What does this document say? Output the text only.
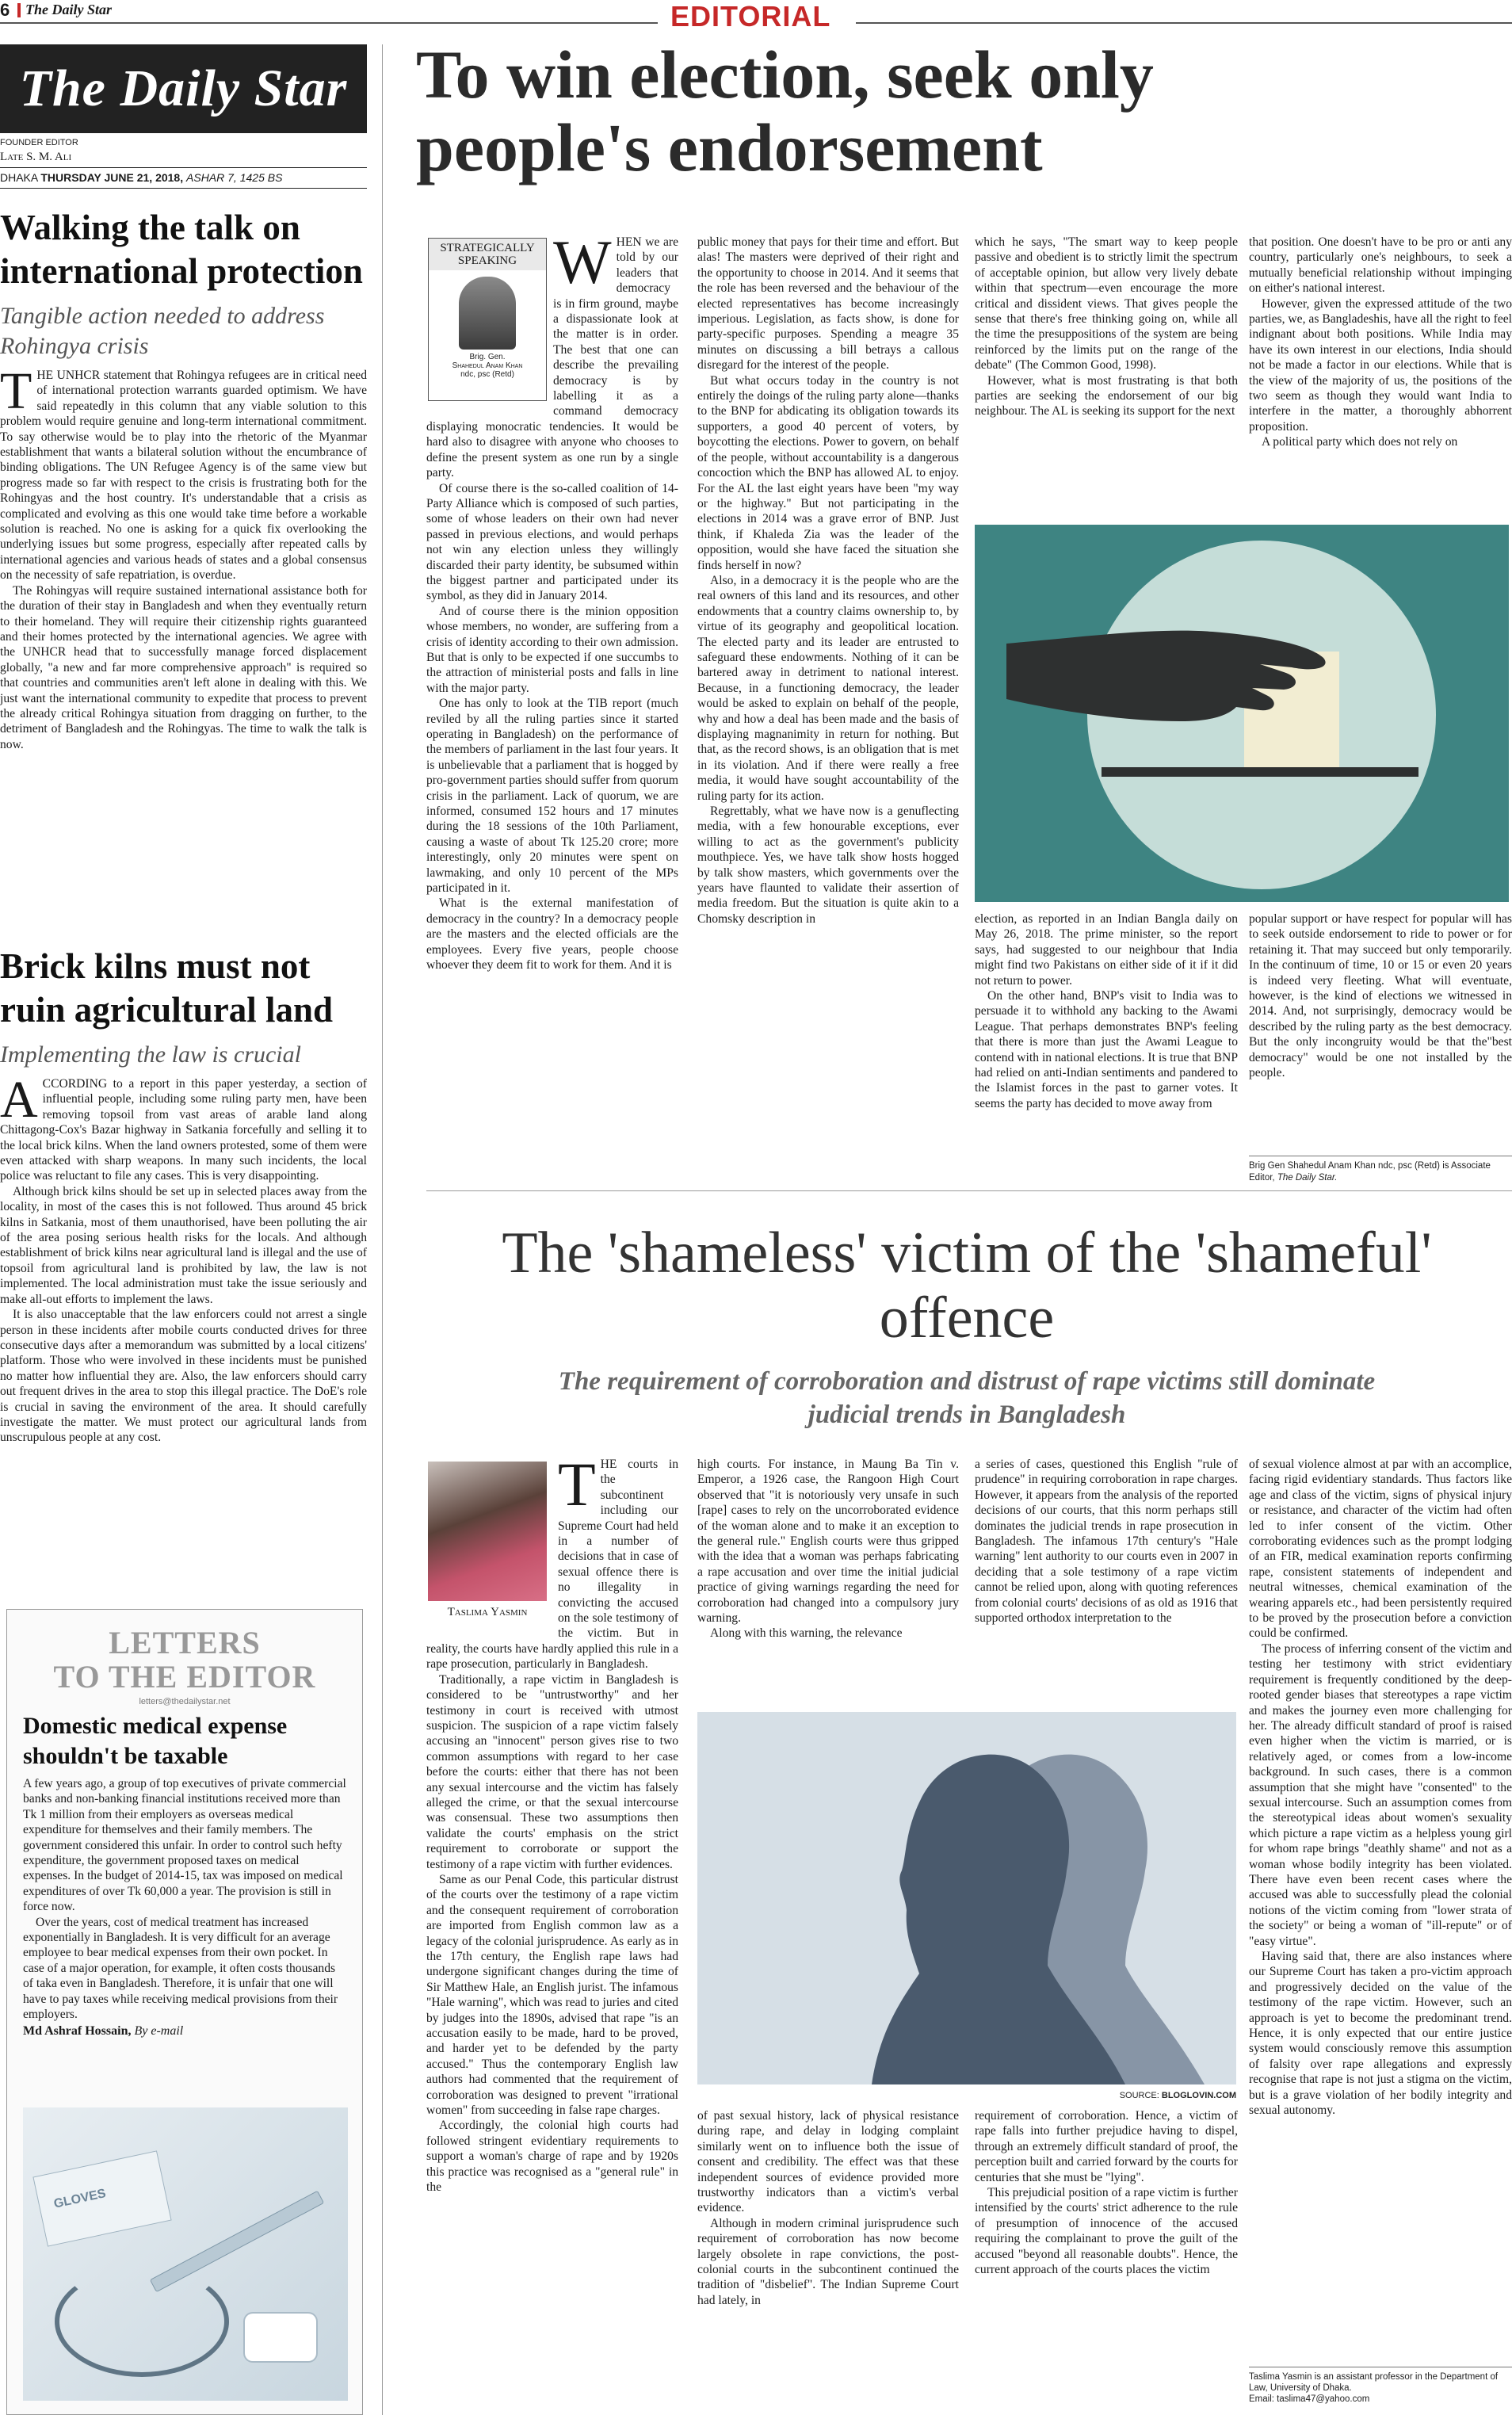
6	The Daily Star	EDITORIAL
The Daily Star
FOUNDER EDITOR
Late S. M. Ali
DHAKA THURSDAY JUNE 21, 2018, ASHAR 7, 1425 BS
Walking the talk on international protection
Tangible action needed to address Rohingya crisis

THE UNHCR statement that Rohingya refugees are in critical need of international protection warrants guarded optimism. We have said repeatedly in this column that any viable solution to this problem would require genuine and long-term international commitment. To say otherwise would be to play into the rhetoric of the Myanmar establishment that wants a bilateral solution without the encumbrance of binding obligations. The UN Refugee Agency is of the same view but progress made so far with respect to the crisis is frustrating both for the Rohingyas and the host country. It's understandable that a crisis as complicated and evolving as this one would take time before a workable solution is reached. No one is asking for a quick fix overlooking the underlying issues but some progress, especially after repeated calls by international agencies and various heads of states and a global consensus on the necessity of safe repatriation, is overdue.

The Rohingyas will require sustained international assistance both for the duration of their stay in Bangladesh and when they eventually return to their homeland. They will require their citizenship rights guaranteed and their homes protected by the international agencies. We agree with the UNHCR head that to successfully manage forced displacement globally, "a new and far more comprehensive approach" is required so that countries and communities aren't left alone in dealing with this. We just want the international community to expedite that process to prevent the already critical Rohingya situation from dragging on further, to the detriment of Bangladesh and the Rohingyas. The time to walk the talk is now.

Brick kilns must not ruin agricultural land
Implementing the law is crucial

ACCORDING to a report in this paper yesterday, a section of influential people, including some ruling party men, have been removing topsoil from vast areas of arable land along Chittagong-Cox's Bazar highway in Satkania forcefully and selling it to the local brick kilns. When the land owners protested, some of them were even attacked with sharp weapons. In many such incidents, the local police was reluctant to file any cases. This is very disappointing.

Although brick kilns should be set up in selected places away from the locality, in most of the cases this is not followed. Thus around 45 brick kilns in Satkania, most of them unauthorised, have been polluting the air of the area posing serious health risks for the locals. And although establishment of brick kilns near agricultural land is illegal and the use of topsoil from agricultural land is prohibited by law, the law is not implemented. The local administration must take the issue seriously and make all-out efforts to implement the laws.

It is also unacceptable that the law enforcers could not arrest a single person in these incidents after mobile courts conducted drives for three consecutive days after a memorandum was submitted by a local citizens' platform. Those who were involved in these incidents must be punished no matter how influential they are. Also, the law enforcers should carry out frequent drives in the area to stop this illegal practice. The DoE's role is crucial in saving the environment of the area. It should carefully investigate the matter. We must protect our agricultural lands from unscrupulous people at any cost.

LETTERS
TO THE EDITOR
letters@thedailystar.net
Domestic medical expense shouldn't be taxable

A few years ago, a group of top executives of private commercial banks and non-banking financial institutions received more than Tk 1 million from their employers as overseas medical expenditure for themselves and their family members. The government considered this unfair. In order to control such hefty expenditure, the government proposed taxes on medical expenses. In the budget of 2014-15, tax was imposed on medical expenditures of over Tk 60,000 a year. The provision is still in force now.

Over the years, cost of medical treatment has increased exponentially in Bangladesh. It is very difficult for an average employee to bear medical expenses from their own pocket. In case of a major operation, for example, it often costs thousands of taka even in Bangladesh. Therefore, it is unfair that one will have to pay taxes while receiving medical provisions from their employers.

Md Ashraf Hossain, By e-mail
GLOVES
To win election, seek only people's endorsement
STRATEGICALLY SPEAKING
Brig. Gen.
Shahedul Anam Khan
ndc, psc (Retd)

WHEN we are told by our leaders that democracy is in firm ground, maybe a dispassionate look at the matter is in order. The best that one can describe the prevailing democracy is by labelling it as a command democracy displaying monocratic tendencies. It would be hard also to disagree with anyone who chooses to define the present system as one run by a single party.

Of course there is the so-called coalition of 14-Party Alliance which is composed of such parties, some of whose leaders on their own had never passed in previous elections, and would perhaps not win any election unless they willingly discarded their party identity, be subsumed within the biggest partner and participated under its symbol, as they did in January 2014.

And of course there is the minion opposition whose members, no wonder, are suffering from a crisis of identity according to their own admission. But that is only to be expected if one succumbs to the attraction of ministerial posts and falls in line with the major party.

One has only to look at the TIB report (much reviled by all the ruling parties since it started operating in Bangladesh) on the performance of the members of parliament in the last four years. It is unbelievable that a parliament that is hogged by pro-government parties should suffer from quorum crisis in the parliament. Lack of quorum, we are informed, consumed 152 hours and 17 minutes during the 18 sessions of the 10th Parliament, causing a waste of about Tk 125.20 crore; more interestingly, only 20 minutes were spent on lawmaking, and only 10 percent of the MPs participated in it.

What is the external manifestation of democracy in the country? In a democracy people are the masters and the elected officials are the employees. Every five years, people choose whoever they deem fit to work for them. And it is

public money that pays for their time and effort. But alas! The masters were deprived of their right and the opportunity to choose in 2014. And it seems that the role has been reversed and the behaviour of the elected representatives has become increasingly imperious. Legislation, as facts show, is done for party-specific purposes. Spending a meagre 35 minutes on discussing a bill betrays a callous disregard for the interest of the people.

But what occurs today in the country is not entirely the doings of the ruling party alone—thanks to the BNP for abdicating its obligation towards its supporters, a good 40 percent of voters, by boycotting the elections. Power to govern, on behalf of the people, without accountability is a dangerous concoction which the BNP has allowed AL to enjoy. For the AL the last eight years have been "my way or the highway." But not participating in the elections in 2014 was a grave error of BNP. Just think, if Khaleda Zia was the leader of the opposition, would she have faced the situation she finds herself in now?

Also, in a democracy it is the people who are the real owners of this land and its resources, and other endowments that a country claims ownership to, by virtue of its geography and geopolitical location. The elected party and its leader are entrusted to safeguard these endowments. Nothing of it can be bartered away in detriment to national interest. Because, in a functioning democracy, the leader would be asked to explain on behalf of the people, why and how a deal has been made and the basis of displaying magnanimity in return for nothing. But that, as the record shows, is an obligation that is met in its violation. And if there were really a free media, it would have sought accountability of the ruling party for its action.

Regrettably, what we have now is a genuflecting media, with a few honourable exceptions, ever willing to act as the government's publicity mouthpiece. Yes, we have talk show hosts hogged by talk show masters, which governments over the years have flaunted to validate their assertion of media freedom. But the situation is quite akin to a Chomsky description in

which he says, "The smart way to keep people passive and obedient is to strictly limit the spectrum of acceptable opinion, but allow very lively debate within that spectrum—even encourage the more critical and dissident views. That gives people the sense that there's free thinking going on, while all the time the presuppositions of the system are being reinforced by the limits put on the range of the debate" (The Common Good, 1998).

However, what is most frustrating is that both parties are seeking the endorsement of our big neighbour. The AL is seeking its support for the next

that position. One doesn't have to be pro or anti any country, particularly one's neighbours, to seek a mutually beneficial relationship without impinging on either's national interest.

However, given the expressed attitude of the two parties, we, as Bangladeshis, have all the right to feel indignant about both positions. While India may have its own interest in our elections, India should not be made a factor in our elections. While that is the view of the majority of us, the positions of the two seem as though they would want India to interfere in the matter, a thoroughly abhorrent proposition.

A political party which does not rely on

election, as reported in an Indian Bangla daily on May 26, 2018. The prime minister, so the report says, had suggested to our neighbour that India might find two Pakistans on either side of it if it did not return to power.

On the other hand, BNP's visit to India was to persuade it to withhold any backing to the Awami League. That perhaps demonstrates BNP's feeling that there is more than just the Awami League to contend with in national elections. It is true that BNP had relied on anti-Indian sentiments and pandered to the Islamist forces in the past to garner votes. It seems the party has decided to move away from

popular support or have respect for popular will has to seek outside endorsement to ride to power or for retaining it. That may succeed but only temporarily. In the continuum of time, 10 or 15 or even 20 years is indeed very fleeting. What will eventuate, however, is the kind of elections we witnessed in 2014. And, not surprisingly, democracy would be described by the ruling party as the best democracy. But the only incongruity would be that the"best democracy" would be one not installed by the people.

Brig Gen Shahedul Anam Khan ndc, psc (Retd) is Associate Editor, The Daily Star.
The 'shameless' victim of the 'shameful' offence
The requirement of corroboration and distrust of rape victims still dominate judicial trends in Bangladesh
Taslima Yasmin

THE courts in the subcontinent including our Supreme Court had held in a number of decisions that in case of sexual offence there is no illegality in convicting the accused on the sole testimony of the victim. But in reality, the courts have hardly applied this rule in a rape prosecution, particularly in Bangladesh.

Traditionally, a rape victim in Bangladesh is considered to be "untrustworthy" and her testimony in court is received with utmost suspicion. The suspicion of a rape victim falsely accusing an "innocent" person gives rise to two common assumptions with regard to her case before the courts: either that there has not been any sexual intercourse and the victim has falsely alleged the crime, or that the sexual intercourse was consensual. These two assumptions then validate the courts' emphasis on the strict requirement to corroborate or support the testimony of a rape victim with further evidences.

Same as our Penal Code, this particular distrust of the courts over the testimony of a rape victim and the consequent requirement of corroboration are imported from English common law as a legacy of the colonial jurisprudence. As early as in the 17th century, the English rape laws had undergone significant changes during the time of Sir Matthew Hale, an English jurist. The infamous "Hale warning", which was read to juries and cited by judges into the 1890s, advised that rape "is an accusation easily to be made, hard to be proved, and harder yet to be defended by the party accused." Thus the contemporary English law authors had commented that the requirement of corroboration was designed to prevent "irrational women" from succeeding in false rape charges.

Accordingly, the colonial high courts had followed stringent evidentiary requirements to support a woman's charge of rape and by 1920s this practice was recognised as a "general rule" in the

high courts. For instance, in Maung Ba Tin v. Emperor, a 1926 case, the Rangoon High Court observed that "it is notoriously very unsafe in such [rape] cases to rely on the uncorroborated evidence of the woman alone and to make it an exception to the general rule." English courts were thus gripped with the idea that a woman was perhaps fabricating a rape accusation and over time the initial judicial practice of giving warnings regarding the need for corroboration had changed into a compulsory jury warning.

Along with this warning, the relevance

a series of cases, questioned this English "rule of prudence" in requiring corroboration in rape charges. However, it appears from the analysis of the reported decisions of our courts, that this norm perhaps still dominates the judicial trends in rape prosecution in Bangladesh. The infamous 17th century's "Hale warning" lent authority to our courts even in 2007 in deciding that a sole testimony of a rape victim cannot be relied upon, along with quoting references from colonial courts' decisions of as old as 1916 that supported orthodox interpretation to the

SOURCE: BLOGLOVIN.COM

of past sexual history, lack of physical resistance during rape, and delay in lodging complaint similarly went on to influence both the issue of consent and credibility. The effect was that these independent sources of evidence provided more trustworthy indicators than a victim's verbal evidence.

Although in modern criminal jurisprudence such requirement of corroboration has now become largely obsolete in rape convictions, the post-colonial courts in the subcontinent continued the tradition of "disbelief". The Indian Supreme Court had lately, in

requirement of corroboration. Hence, a victim of rape falls into further prejudice having to dispel, through an extremely difficult standard of proof, the perception built and carried forward by the courts for centuries that she must be "lying".

This prejudicial position of a rape victim is further intensified by the courts' strict adherence to the rule of presumption of innocence of the accused requiring the complainant to prove the guilt of the accused "beyond all reasonable doubts". Hence, the current approach of the courts places the victim

of sexual violence almost at par with an accomplice, facing rigid evidentiary standards. Thus factors like age and class of the victim, signs of physical injury or resistance, and character of the victim had often led to infer consent of the victim. Other corroborating evidences such as the prompt lodging of an FIR, medical examination reports confirming rape, consistent statements of independent and neutral witnesses, chemical examination of the wearing apparels etc., had been persistently required to be proved by the prosecution before a conviction could be confirmed.

The process of inferring consent of the victim and testing her testimony with strict evidentiary requirement is frequently conditioned by the deep-rooted gender biases that stereotypes a rape victim and makes the journey even more challenging for her. The already difficult standard of proof is raised even higher when the victim is married, or is relatively aged, or comes from a low-income background. In such cases, there is a common assumption that she might have "consented" to the sexual intercourse. Such an assumption comes from the stereotypical ideas about women's sexuality which picture a rape victim as a helpless young girl for whom rape brings "deathly shame" and not as a woman whose bodily integrity has been violated. There have even been recent cases where the accused was able to successfully plead the colonial notions of the victim coming from "lower strata of the society" or being a woman of "ill-repute" or of "easy virtue".

Having said that, there are also instances where our Supreme Court has taken a pro-victim approach and progressively decided on the value of the testimony of the rape victim. However, such an approach is yet to become the predominant trend. Hence, it is only expected that our entire justice system would consciously remove this assumption of falsity over rape allegations and expressly recognise that rape is not just a stigma on the victim, but is a grave violation of her bodily integrity and sexual autonomy.

Taslima Yasmin is an assistant professor in the Department of Law, University of Dhaka.
Email: taslima47@yahoo.com
